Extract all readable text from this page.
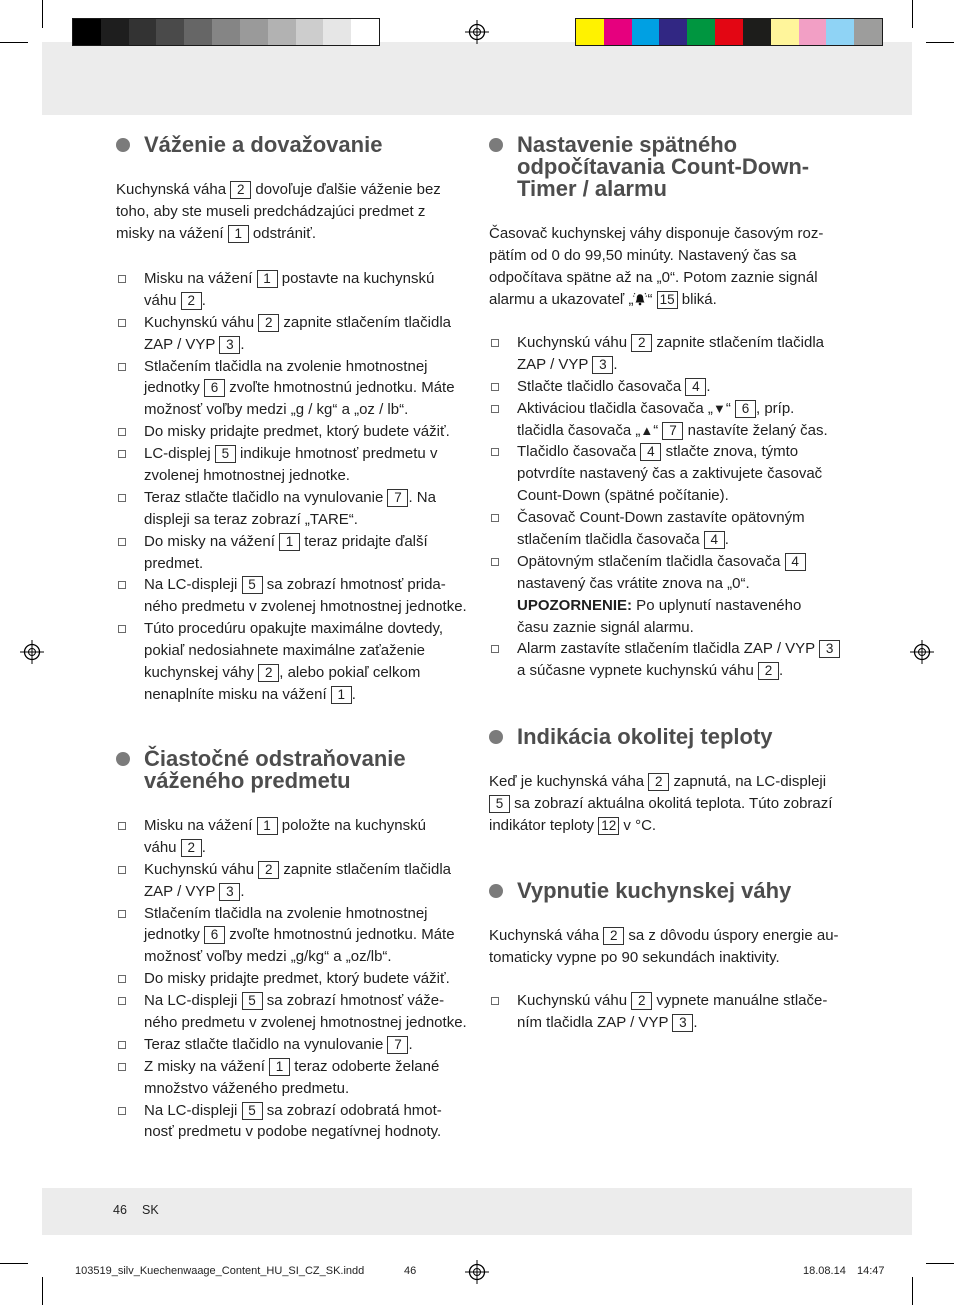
Váženie a dovažovanie
Kuchynská váha 2 dovoľuje ďalšie váženie bez
toho, aby ste museli predchádzajúci predmet z
misky na vážení 1 odstrániť.
Misku na vážení 1 postavte na kuchynskú
váhu 2 .
Kuchynskú váhu 2 zapnite stlačením tlačidla
ZAP / VYP 3 .
Stlačením tlačidla na zvolenie hmotnostnej
jednotky 6 zvoľte hmotnostnú jednotku. Máte
možnosť voľby medzi „g / kg“ a „oz / lb“.
Do misky pridajte predmet, ktorý budete vážiť.
LC-displej 5 indikuje hmotnosť predmetu v
zvolenej hmotnostnej jednotke.
Teraz stlačte tlačidlo na vynulovanie 7 . Na
displeji sa teraz zobrazí „TARE“.
Do misky na vážení 1 teraz pridajte ďalší
predmet.
Na LC-displeji 5 sa zobrazí hmotnosť prida-
ného predmetu v zvolenej hmotnostnej jednotke.
Túto procedúru opakujte maximálne dovtedy,
pokiaľ nedosiahnete maximálne zaťaženie
kuchynskej váhy 2 , alebo pokiaľ celkom
nenaplníte misku na vážení 1 .
Čiastočné odstraňovanie
váženého predmetu
Misku na vážení 1 položte na kuchynskú
váhu 2 .
Kuchynskú váhu 2 zapnite stlačením tlačidla
ZAP / VYP 3 .
Stlačením tlačidla na zvolenie hmotnostnej
jednotky 6 zvoľte hmotnostnú jednotku. Máte
možnosť voľby medzi „g/kg“ a „oz/lb“.
Do misky pridajte predmet, ktorý budete vážiť.
Na LC-displeji 5 sa zobrazí hmotnosť váže-
ného predmetu v zvolenej hmotnostnej jednotke.
Teraz stlačte tlačidlo na vynulovanie 7 .
Z misky na vážení 1 teraz odoberte želané
množstvo váženého predmetu.
Na LC-displeji 5 sa zobrazí odobratá hmot-
nosť predmetu v podobe negatívnej hodnoty.
Nastavenie spätného
odpočítavania Count-Down-
Timer / alarmu
Časovač kuchynskej váhy disponuje časovým roz-
pätím od 0 do 99,50 minúty. Nastavený čas sa
odpočítava spätne až na „0“. Potom zaznie signál
alarmu a ukazovateľ „ “ 15 bliká.
Kuchynskú váhu 2 zapnite stlačením tlačidla
ZAP / VYP 3 .
Stlačte tlačidlo časovača 4 .
Aktiváciou tlačidla časovača „▼“ 6 , príp.
tlačidla časovača „▲“ 7 nastavíte želaný čas.
Tlačidlo časovača 4 stlačte znova, týmto
potvrdíte nastavený čas a zaktivujete časovač
Count-Down (spätné počítanie).
Časovač Count-Down zastavíte opätovným
stlačením tlačidla časovača 4 .
Opätovným stlačením tlačidla časovača 4
nastavený čas vrátite znova na „0“.
UPOZORNENIE: Po uplynutí nastaveného
času zaznie signál alarmu.
Alarm zastavíte stlačením tlačidla ZAP / VYP 3
a súčasne vypnete kuchynskú váhu 2 .
Indikácia okolitej teploty
Keď je kuchynská váha 2 zapnutá, na LC-displeji
5 sa zobrazí aktuálna okolitá teplota. Túto zobrazí
indikátor teploty 12 v °C.
Vypnutie kuchynskej váhy
Kuchynská váha 2 sa z dôvodu úspory energie au-
tomaticky vypne po 90 sekundách inaktivity.
Kuchynskú váhu 2 vypnete manuálne stlače-
ním tlačidla ZAP / VYP 3 .
46 SK
103519_silv_Kuechenwaage_Content_HU_SI_CZ_SK.indd	46	18.08.14 14:47
